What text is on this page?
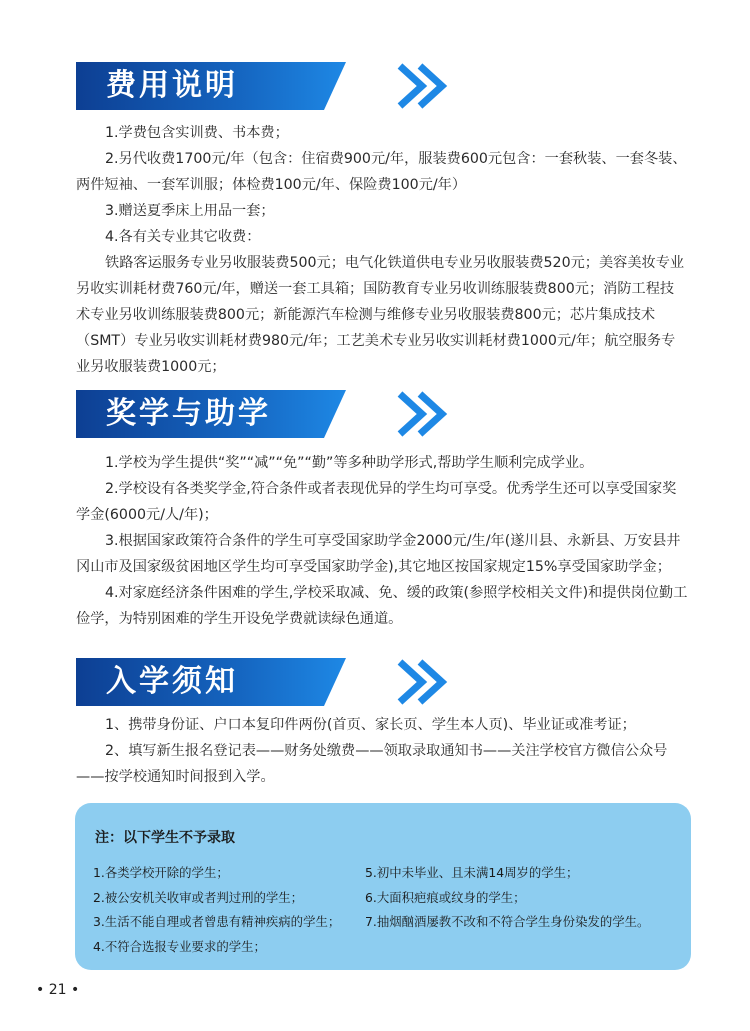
费用说明

1.学费包含实训费、书本费；

2.另代收费1700元/年（包含：住宿费900元/年，服装费600元包含：一套秋装、一套冬装、两件短袖、一套军训服；体检费100元/年、保险费100元/年）

3.赠送夏季床上用品一套；

4.各有关专业其它收费：

铁路客运服务专业另收服装费500元；电气化铁道供电专业另收服装费520元；美容美妆专业另收实训耗材费760元/年，赠送一套工具箱；国防教育专业另收训练服装费800元；消防工程技术专业另收训练服装费800元；新能源汽车检测与维修专业另收服装费800元；芯片集成技术（SMT）专业另收实训耗材费980元/年；工艺美术专业另收实训耗材费1000元/年；航空服务专业另收服装费1000元；

奖学与助学

1.学校为学生提供“奖”“减”“免”“勤”等多种助学形式,帮助学生顺利完成学业。

2.学校设有各类奖学金,符合条件或者表现优异的学生均可享受。优秀学生还可以享受国家奖学金(6000元/人/年)；

3.根据国家政策符合条件的学生可享受国家助学金2000元/生/年(遂川县、永新县、万安县井冈山市及国家级贫困地区学生均可享受国家助学金),其它地区按国家规定15%享受国家助学金；

4.对家庭经济条件困难的学生,学校采取减、免、缓的政策(参照学校相关文件)和提供岗位勤工俭学，为特别困难的学生开设免学费就读绿色通道。

入学须知

1、携带身份证、户口本复印件两份(首页、家长页、学生本人页)、毕业证或准考证；

2、填写新生报名登记表——财务处缴费——领取录取通知书——关注学校官方微信公众号——按学校通知时间报到入学。

注：以下学生不予录取
1.各类学校开除的学生；
2.被公安机关收审或者判过刑的学生；
3.生活不能自理或者曾患有精神疾病的学生；
4.不符合选报专业要求的学生；
5.初中未毕业、且未满14周岁的学生；
6.大面积疤痕或纹身的学生；
7.抽烟酗酒屡教不改和不符合学生身份染发的学生。
• 21 •
